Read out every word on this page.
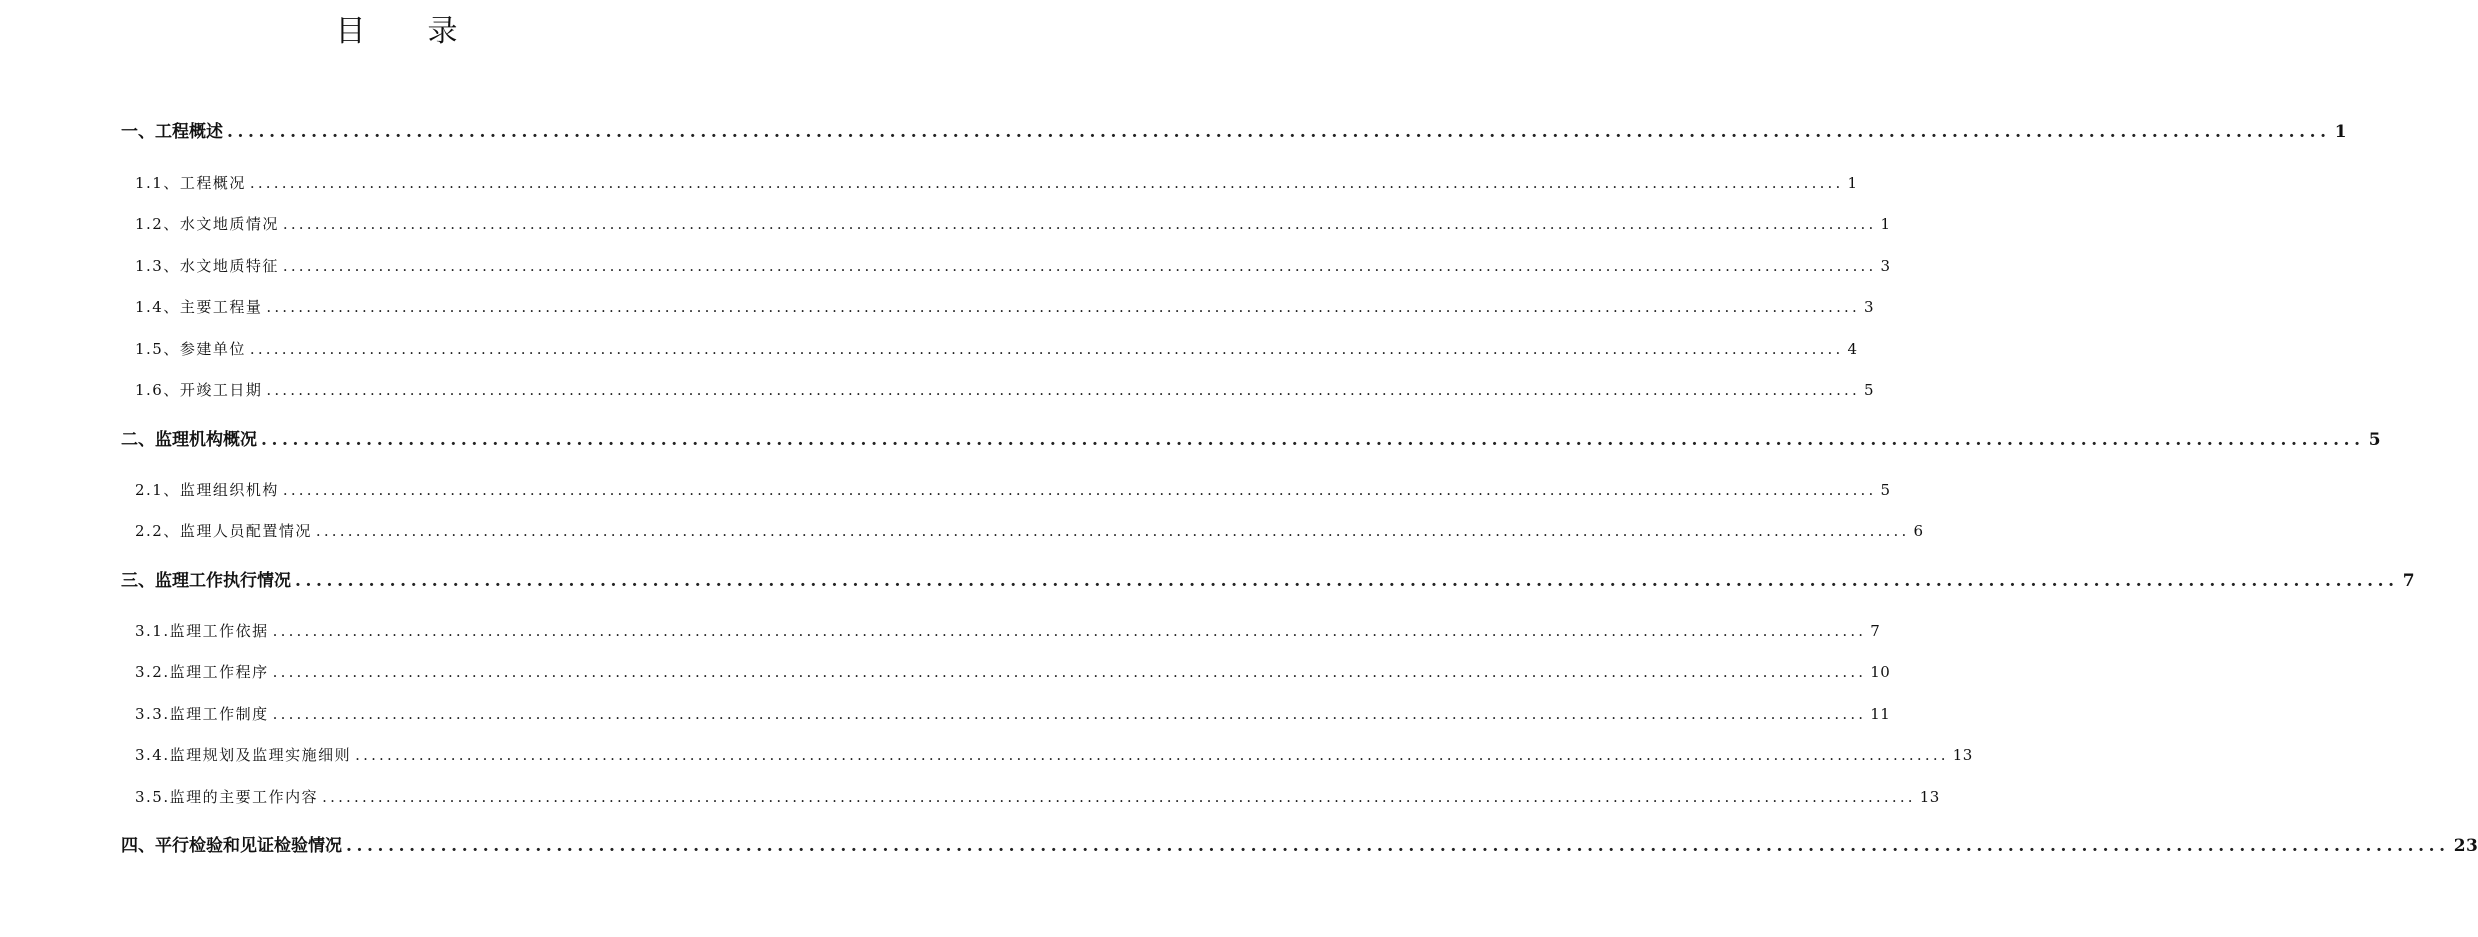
目 录
一、 工程概述 ........................................................................................................................................................................................................ 1
1.1、 工程概况 ........................................................................................................................................................................................................ 1
1.2、 水文地质情况 ........................................................................................................................................................................................................ 1
1.3、 水文地质特征 ........................................................................................................................................................................................................ 3
1.4、 主要工程量 ........................................................................................................................................................................................................ 3
1.5、 参建单位 ........................................................................................................................................................................................................ 4
1.6、 开竣工日期 ........................................................................................................................................................................................................ 5
二、 监理机构概况 ........................................................................................................................................................................................................ 5
2.1、 监理组织机构 ........................................................................................................................................................................................................ 5
2.2、 监理人员配置情况 ........................................................................................................................................................................................................ 6
三、 监理工作执行情况 ........................................................................................................................................................................................................ 7
3.1. 监理工作依据 ........................................................................................................................................................................................................ 7
3.2. 监理工作程序 ........................................................................................................................................................................................................ 10
3.3. 监理工作制度 ........................................................................................................................................................................................................ 11
3.4. 监理规划及监理实施细则 ........................................................................................................................................................................................................ 13
3.5. 监理的主要工作内容 ........................................................................................................................................................................................................ 13
四、 平行检验和见证检验情况 ........................................................................................................................................................................................................ 23
